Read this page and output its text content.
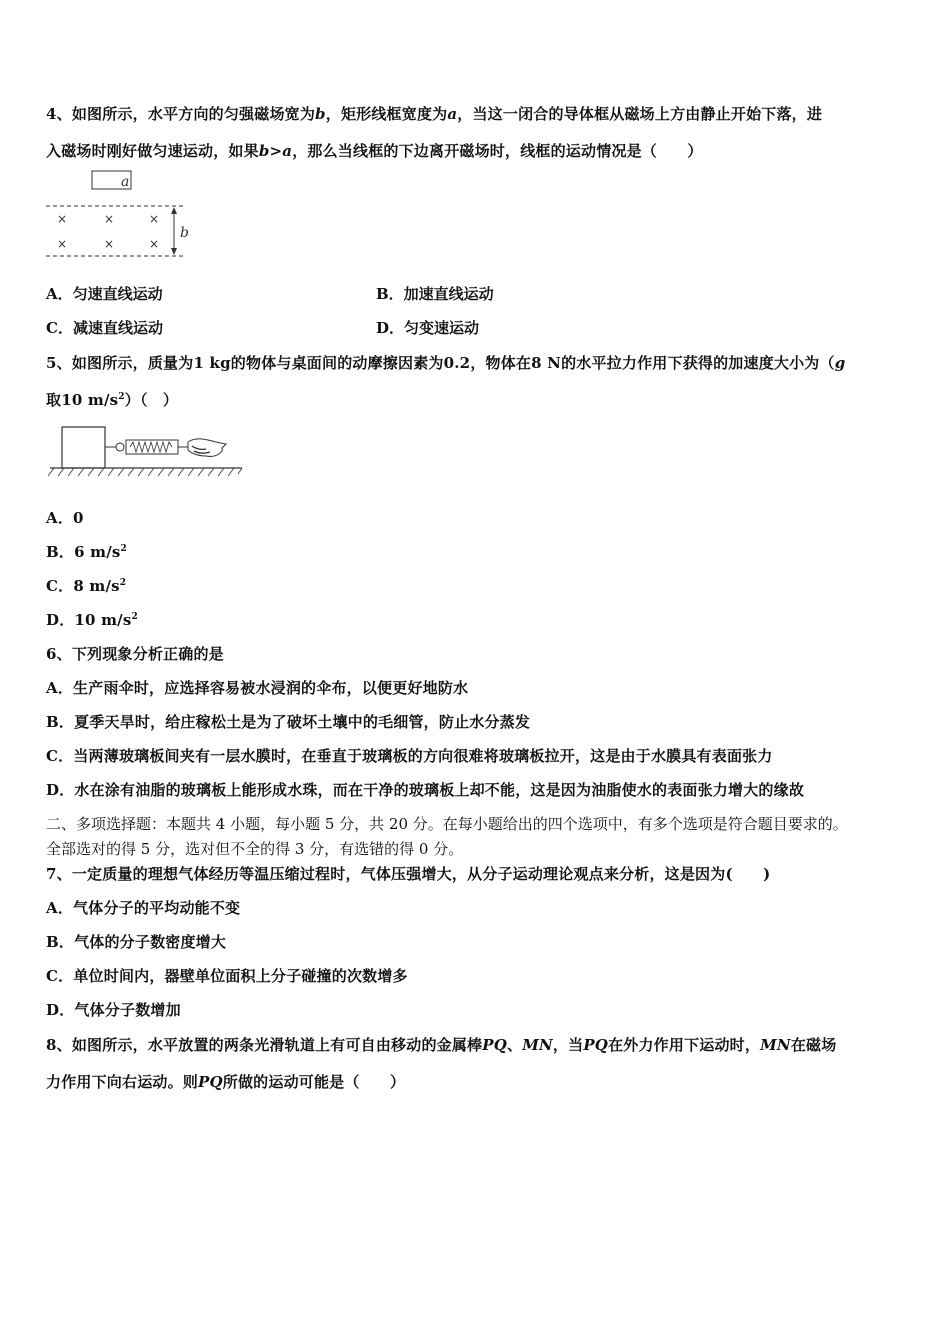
4、如图所示，水平方向的匀强磁场宽为b，矩形线框宽度为a，当这一闭合的导体框从磁场上方由静止开始下落，进
入磁场时刚好做匀速运动，如果b>a，那么当线框的下边离开磁场时，线框的运动情况是（　　）
a
×	×	×
×	×	×
b
A．匀速直线运动	B．加速直线运动
C．减速直线运动	D．匀变速运动
5、如图所示，质量为1 kg的物体与桌面间的动摩擦因素为0.2，物体在8 N的水平拉力作用下获得的加速度大小为（g
取10 $m/s^2$）（　）
A．0
B．6 $m/s^2$
C．8 $m/s^2$
D．10 $m/s^2$
6、下列现象分析正确的是
A．生产雨伞时，应选择容易被水浸润的伞布，以便更好地防水
B．夏季天旱时，给庄稼松土是为了破坏土壤中的毛细管，防止水分蒸发
C．当两薄玻璃板间夹有一层水膜时，在垂直于玻璃板的方向很难将玻璃板拉开，这是由于水膜具有表面张力
D．水在涂有油脂的玻璃板上能形成水珠，而在干净的玻璃板上却不能，这是因为油脂使水的表面张力增大的缘故
二、多项选择题：本题共 4 小题，每小题 5 分，共 20 分。在每小题给出的四个选项中，有多个选项是符合题目要求的。
全部选对的得 5 分，选对但不全的得 3 分，有选错的得 0 分。
7、一定质量的理想气体经历等温压缩过程时，气体压强增大，从分子运动理论观点来分析，这是因为(　　)
A．气体分子的平均动能不变
B．气体的分子数密度增大
C．单位时间内，器壁单位面积上分子碰撞的次数增多
D．气体分子数增加
8、如图所示，水平放置的两条光滑轨道上有可自由移动的金属棒PQ、MN，当PQ在外力作用下运动时，MN在磁场
力作用下向右运动。则PQ所做的运动可能是（　　）
